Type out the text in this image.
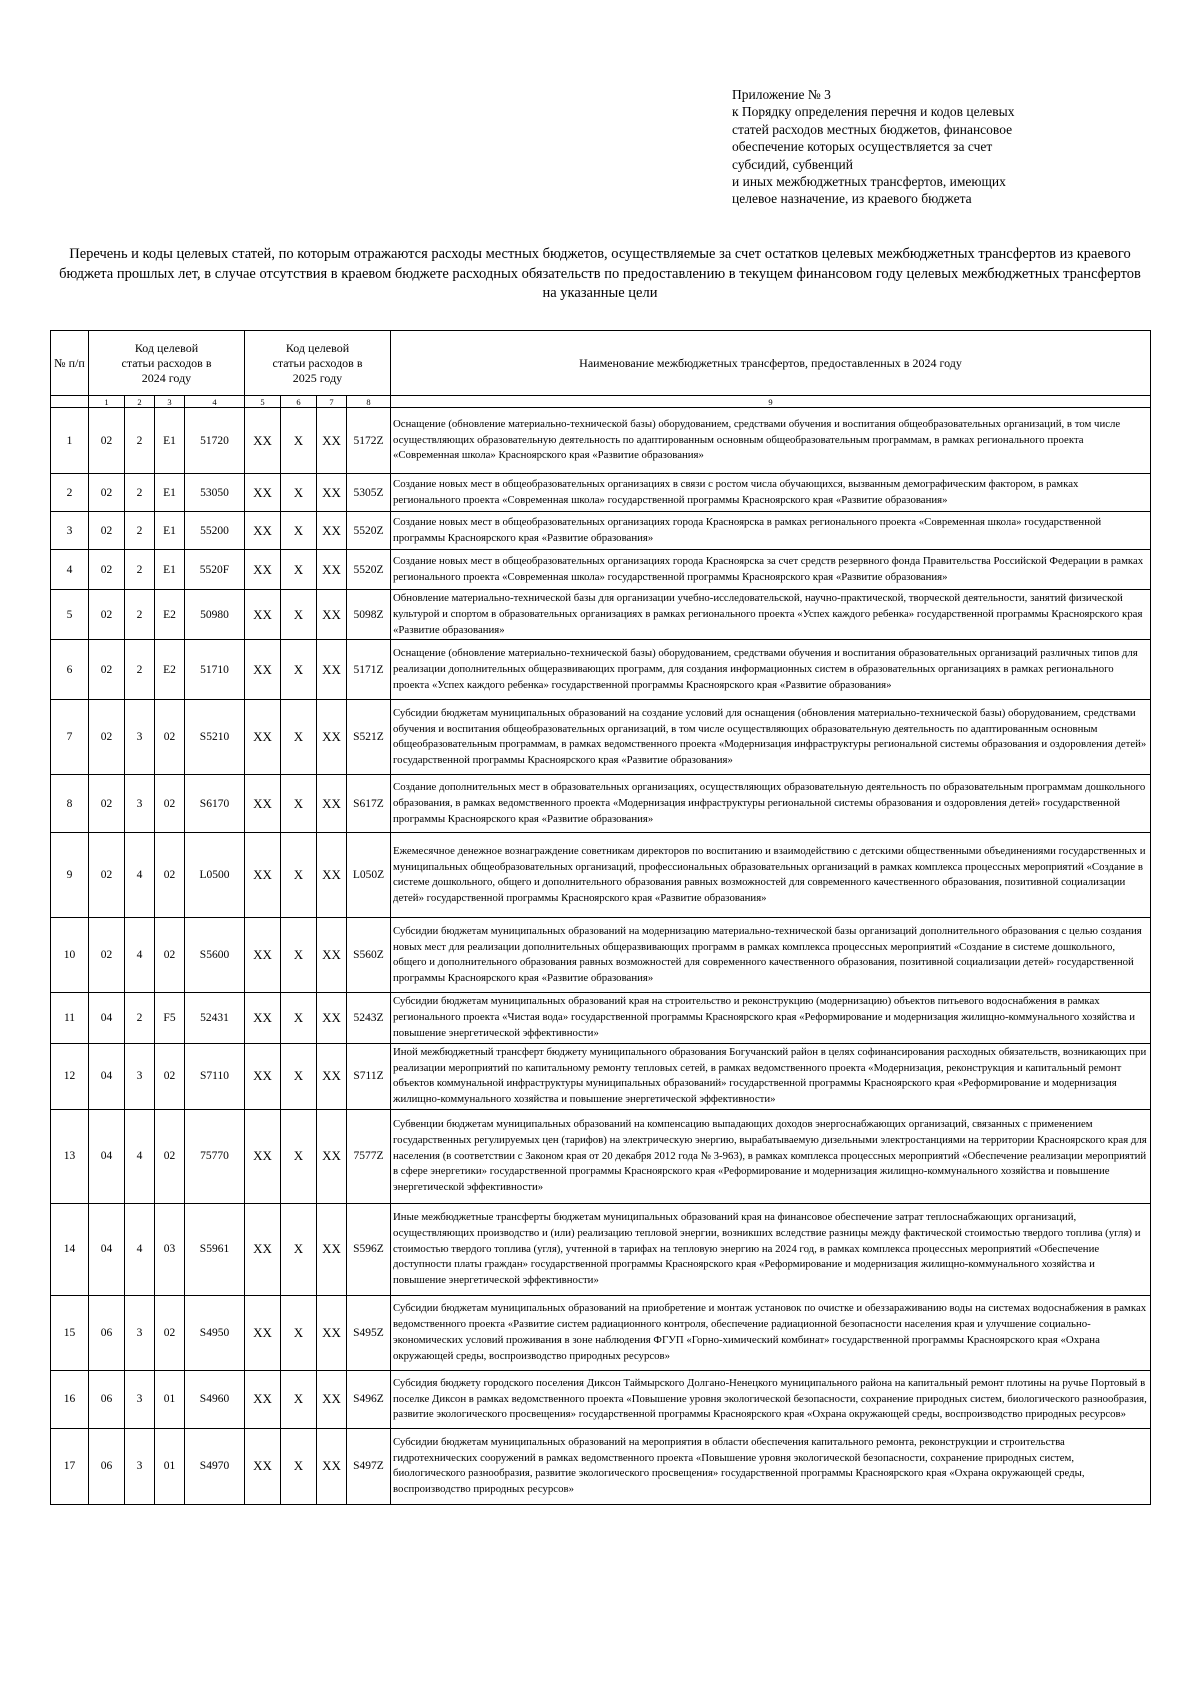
Приложение № 3
к Порядку определения перечня и кодов целевых
статей расходов местных бюджетов, финансовое
обеспечение которых осуществляется за счет
субсидий, субвенций
и иных межбюджетных трансфертов, имеющих
целевое назначение, из краевого бюджета
Перечень и коды целевых статей, по которым отражаются расходы местных бюджетов, осуществляемые за счет остатков целевых межбюджетных трансфертов из краевого бюджета прошлых лет, в случае отсутствия в краевом бюджете расходных обязательств по предоставлению в текущем финансовом году целевых межбюджетных трансфертов на указанные цели
№ п/п	Код целевой статьи расходов в 2024 году				Код целевой статьи расходов в 2025 году				Наименование межбюджетных трансфертов, предоставленных в 2024 году
	1	2	3	4	5	6	7	8	9
1	02	2	E1	51720	XX	X	XX	5172Z	Оснащение (обновление материально-технической базы) оборудованием, средствами обучения и воспитания общеобразовательных организаций, в том числе осуществляющих образовательную деятельность по адаптированным основным общеобразовательным программам, в рамках регионального проекта «Современная школа» Красноярского края «Развитие образования»
2	02	2	E1	53050	XX	X	XX	5305Z	Создание новых мест в общеобразовательных организациях в связи с ростом числа обучающихся, вызванным демографическим фактором, в рамках регионального проекта «Современная школа» государственной программы Красноярского края «Развитие образования»
3	02	2	E1	55200	XX	X	XX	5520Z	Создание новых мест в общеобразовательных организациях города Красноярска в рамках регионального проекта «Современная школа» государственной программы Красноярского края «Развитие образования»
4	02	2	E1	5520F	XX	X	XX	5520Z	Создание новых мест в общеобразовательных организациях города Красноярска за счет средств резервного фонда Правительства Российской Федерации в рамках регионального проекта «Современная школа» государственной программы Красноярского края «Развитие образования»
5	02	2	E2	50980	XX	X	XX	5098Z	Обновление материально-технической базы для организации учебно-исследовательской, научно-практической, творческой деятельности, занятий физической культурой и спортом в образовательных организациях в рамках регионального проекта «Успех каждого ребенка» государственной программы Красноярского края «Развитие образования»
6	02	2	E2	51710	XX	X	XX	5171Z	Оснащение (обновление материально-технической базы) оборудованием, средствами обучения и воспитания образовательных организаций различных типов для реализации дополнительных общеразвивающих программ, для создания информационных систем в образовательных организациях в рамках регионального проекта «Успех каждого ребенка» государственной программы Красноярского края «Развитие образования»
7	02	3	02	S5210	XX	X	XX	S521Z	Субсидии бюджетам муниципальных образований на создание условий для оснащения (обновления материально-технической базы) оборудованием, средствами обучения и воспитания общеобразовательных организаций, в том числе осуществляющих образовательную деятельность по адаптированным основным общеобразовательным программам, в рамках ведомственного проекта «Модернизация инфраструктуры региональной системы образования и оздоровления детей» государственной программы Красноярского края «Развитие образования»
8	02	3	02	S6170	XX	X	XX	S617Z	Создание дополнительных мест в образовательных организациях, осуществляющих образовательную деятельность по образовательным программам дошкольного образования, в рамках ведомственного проекта «Модернизация инфраструктуры региональной системы образования и оздоровления детей» государственной программы Красноярского края «Развитие образования»
9	02	4	02	L0500	XX	X	XX	L050Z	Ежемесячное денежное вознаграждение советникам директоров по воспитанию и взаимодействию с детскими общественными объединениями государственных и муниципальных общеобразовательных организаций, профессиональных образовательных организаций в рамках комплекса процессных мероприятий «Создание в системе дошкольного, общего и дополнительного образования равных возможностей для современного качественного образования, позитивной социализации детей» государственной программы Красноярского края «Развитие образования»
10	02	4	02	S5600	XX	X	XX	S560Z	Субсидии бюджетам муниципальных образований на модернизацию материально-технической базы организаций дополнительного образования с целью создания новых мест для реализации дополнительных общеразвивающих программ в рамках комплекса процессных мероприятий «Создание в системе дошкольного, общего и дополнительного образования равных возможностей для современного качественного образования, позитивной социализации детей» государственной программы Красноярского края «Развитие образования»
11	04	2	F5	52431	XX	X	XX	5243Z	Субсидии бюджетам муниципальных образований края на строительство и реконструкцию (модернизацию) объектов питьевого водоснабжения в рамках регионального проекта «Чистая вода» государственной программы Красноярского края «Реформирование и модернизация жилищно-коммунального хозяйства и повышение энергетической эффективности»
12	04	3	02	S7110	XX	X	XX	S711Z	Иной межбюджетный трансферт бюджету муниципального образования Богучанский район в целях софинансирования расходных обязательств, возникающих при реализации мероприятий по капитальному ремонту тепловых сетей, в рамках ведомственного проекта «Модернизация, реконструкция и капитальный ремонт объектов коммунальной инфраструктуры муниципальных образований» государственной программы Красноярского края «Реформирование и модернизация жилищно-коммунального хозяйства и повышение энергетической эффективности»
13	04	4	02	75770	XX	X	XX	7577Z	Субвенции бюджетам муниципальных образований на компенсацию выпадающих доходов энергоснабжающих организаций, связанных с применением государственных регулируемых цен (тарифов) на электрическую энергию, вырабатываемую дизельными электростанциями на территории Красноярского края для населения (в соответствии с Законом края от 20 декабря 2012 года № 3-963), в рамках комплекса процессных мероприятий «Обеспечение реализации мероприятий в сфере энергетики» государственной программы Красноярского края «Реформирование и модернизация жилищно-коммунального хозяйства и повышение энергетической эффективности»
14	04	4	03	S5961	XX	X	XX	S596Z	Иные межбюджетные трансферты бюджетам муниципальных образований края на финансовое обеспечение затрат теплоснабжающих организаций, осуществляющих производство и (или) реализацию тепловой энергии, возникших вследствие разницы между фактической стоимостью твердого топлива (угля) и стоимостью твердого топлива (угля), учтенной в тарифах на тепловую энергию на 2024 год, в рамках комплекса процессных мероприятий «Обеспечение доступности платы граждан» государственной программы Красноярского края «Реформирование и модернизация жилищно-коммунального хозяйства и повышение энергетической эффективности»
15	06	3	02	S4950	XX	X	XX	S495Z	Субсидии бюджетам муниципальных образований на приобретение и монтаж установок по очистке и обеззараживанию воды на системах водоснабжения в рамках ведомственного проекта «Развитие систем радиационного контроля, обеспечение радиационной безопасности населения края и улучшение социально-экономических условий проживания в зоне наблюдения ФГУП «Горно-химический комбинат» государственной программы Красноярского края «Охрана окружающей среды, воспроизводство природных ресурсов»
16	06	3	01	S4960	XX	X	XX	S496Z	Субсидия бюджету городского поселения Диксон Таймырского Долгано-Ненецкого муниципального района на капитальный ремонт плотины на ручье Портовый в поселке Диксон в рамках ведомственного проекта «Повышение уровня экологической безопасности, сохранение природных систем, биологического разнообразия, развитие экологического просвещения» государственной программы Красноярского края «Охрана окружающей среды, воспроизводство природных ресурсов»
17	06	3	01	S4970	XX	X	XX	S497Z	Субсидии бюджетам муниципальных образований на мероприятия в области обеспечения капитального ремонта, реконструкции и строительства гидротехнических сооружений в рамках ведомственного проекта «Повышение уровня экологической безопасности, сохранение природных систем, биологического разнообразия, развитие экологического просвещения» государственной программы Красноярского края «Охрана окружающей среды, воспроизводство природных ресурсов»
